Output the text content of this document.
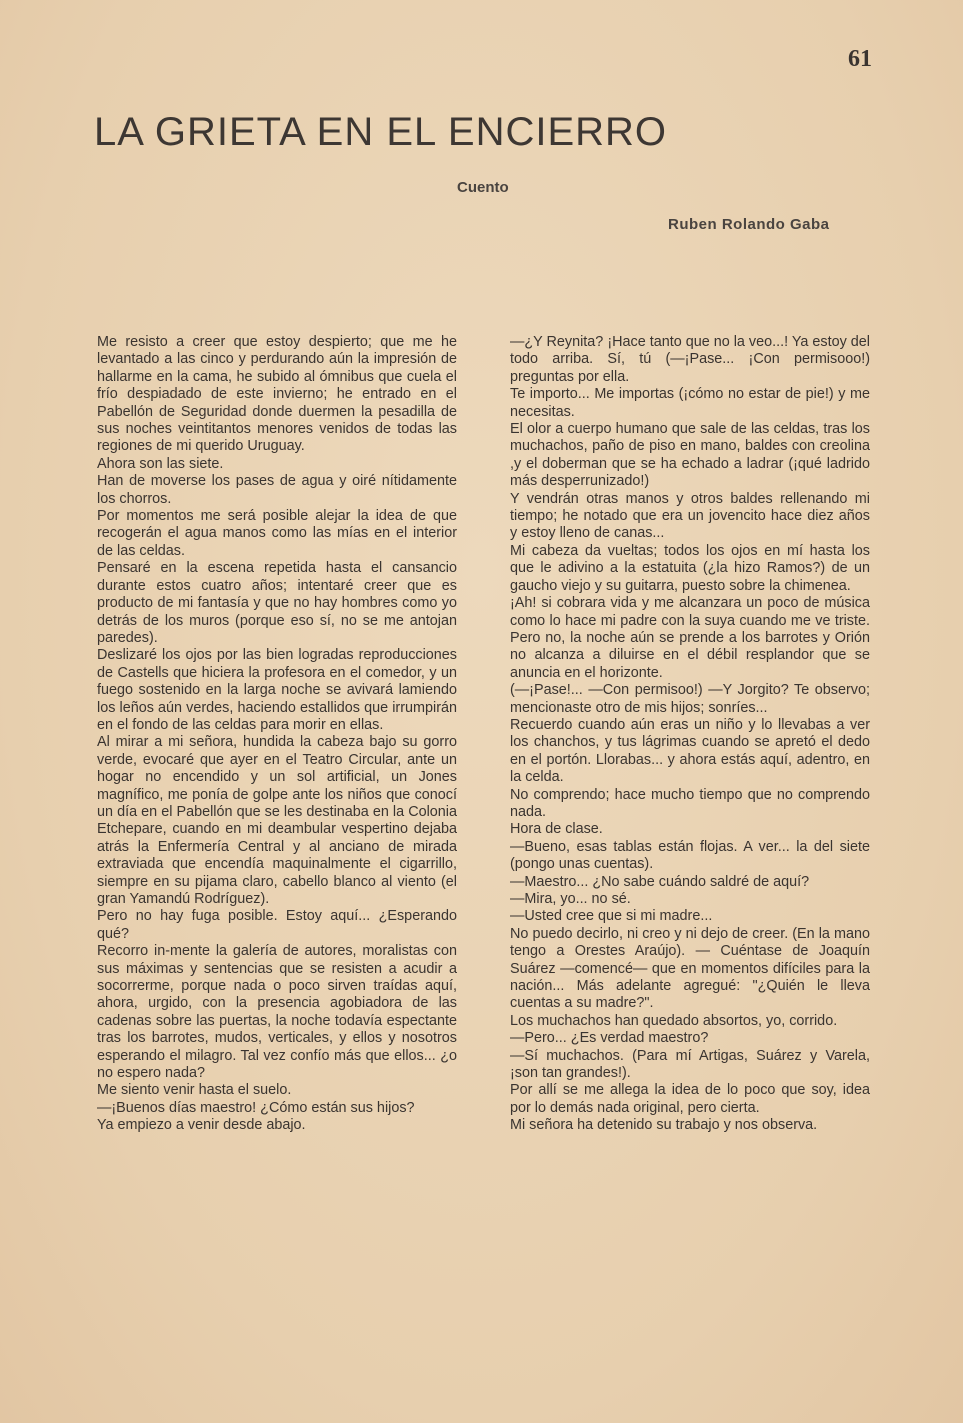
61
LA GRIETA EN EL ENCIERRO
Cuento
Ruben Rolando Gaba

Me resisto a creer que estoy despierto; que me he levantado a las cinco y perdurando aún la impresión de hallarme en la cama, he subido al ómnibus que cuela el frío despiadado de este invierno; he entrado en el Pabellón de Seguridad donde duermen la pesadilla de sus noches veintitantos menores venidos de todas las regiones de mi querido Uruguay.

Ahora son las siete.

Han de moverse los pases de agua y oiré nítidamente los chorros.

Por momentos me será posible alejar la idea de que recogerán el agua manos como las mías en el interior de las celdas.

Pensaré en la escena repetida hasta el cansancio durante estos cuatro años; intentaré creer que es producto de mi fantasía y que no hay hombres como yo detrás de los muros (porque eso sí, no se me antojan paredes).

Deslizaré los ojos por las bien logradas reproducciones de Castells que hiciera la profesora en el comedor, y un fuego sostenido en la larga noche se avivará lamiendo los leños aún verdes, haciendo estallidos que irrumpirán en el fondo de las celdas para morir en ellas.

Al mirar a mi señora, hundida la cabeza bajo su gorro verde, evocaré que ayer en el Teatro Circular, ante un hogar no encendido y un sol artificial, un Jones magnífico, me ponía de golpe ante los niños que conocí un día en el Pabellón que se les destinaba en la Colonia Etchepare, cuando en mi deambular vespertino dejaba atrás la Enfermería Central y al anciano de mirada extraviada que encendía maquinalmente el cigarrillo, siempre en su pijama claro, cabello blanco al viento (el gran Yamandú Rodríguez).

Pero no hay fuga posible. Estoy aquí... ¿Esperando qué?

Recorro in-mente la galería de autores, moralistas con sus máximas y sentencias que se resisten a acudir a socorrerme, porque nada o poco sirven traídas aquí, ahora, urgido, con la presencia agobiadora de las cadenas sobre las puertas, la noche todavía espectante tras los barrotes, mudos, verticales, y ellos y nosotros esperando el milagro. Tal vez confío más que ellos... ¿o no espero nada?

Me siento venir hasta el suelo.

—¡Buenos días maestro! ¿Cómo están sus hijos?

Ya empiezo a venir desde abajo.

—¿Y Reynita? ¡Hace tanto que no la veo...! Ya estoy del todo arriba. Sí, tú (—¡Pase... ¡Con permisooo!) preguntas por ella.

Te importo... Me importas (¡cómo no estar de pie!) y me necesitas.

El olor a cuerpo humano que sale de las celdas, tras los muchachos, paño de piso en mano, baldes con creolina ,y el doberman que se ha echado a ladrar (¡qué ladrido más desperrunizado!)

Y vendrán otras manos y otros baldes rellenando mi tiempo; he notado que era un jovencito hace diez años y estoy lleno de canas...

Mi cabeza da vueltas; todos los ojos en mí hasta los que le adivino a la estatuita (¿la hizo Ramos?) de un gaucho viejo y su guitarra, puesto sobre la chimenea.

¡Ah! si cobrara vida y me alcanzara un poco de música como lo hace mi padre con la suya cuando me ve triste. Pero no, la noche aún se prende a los barrotes y Orión no alcanza a diluirse en el débil resplandor que se anuncia en el horizonte.

(—¡Pase!... —Con permisoo!) —Y Jorgito? Te observo; mencionaste otro de mis hijos; sonríes...

Recuerdo cuando aún eras un niño y lo llevabas a ver los chanchos, y tus lágrimas cuando se apretó el dedo en el portón. Llorabas... y ahora estás aquí, adentro, en la celda.

No comprendo; hace mucho tiempo que no comprendo nada.

Hora de clase.

—Bueno, esas tablas están flojas. A ver... la del siete (pongo unas cuentas).

—Maestro... ¿No sabe cuándo saldré de aquí?

—Mira, yo... no sé.

—Usted cree que si mi madre...

No puedo decirlo, ni creo y ni dejo de creer. (En la mano tengo a Orestes Araújo). — Cuéntase de Joaquín Suárez —comencé— que en momentos difíciles para la nación... Más adelante agregué: "¿Quién le lleva cuentas a su madre?".

Los muchachos han quedado absortos, yo, corrido.

—Pero... ¿Es verdad maestro?

—Sí muchachos. (Para mí Artigas, Suárez y Varela, ¡son tan grandes!).

Por allí se me allega la idea de lo poco que soy, idea por lo demás nada original, pero cierta.

Mi señora ha detenido su trabajo y nos observa.
